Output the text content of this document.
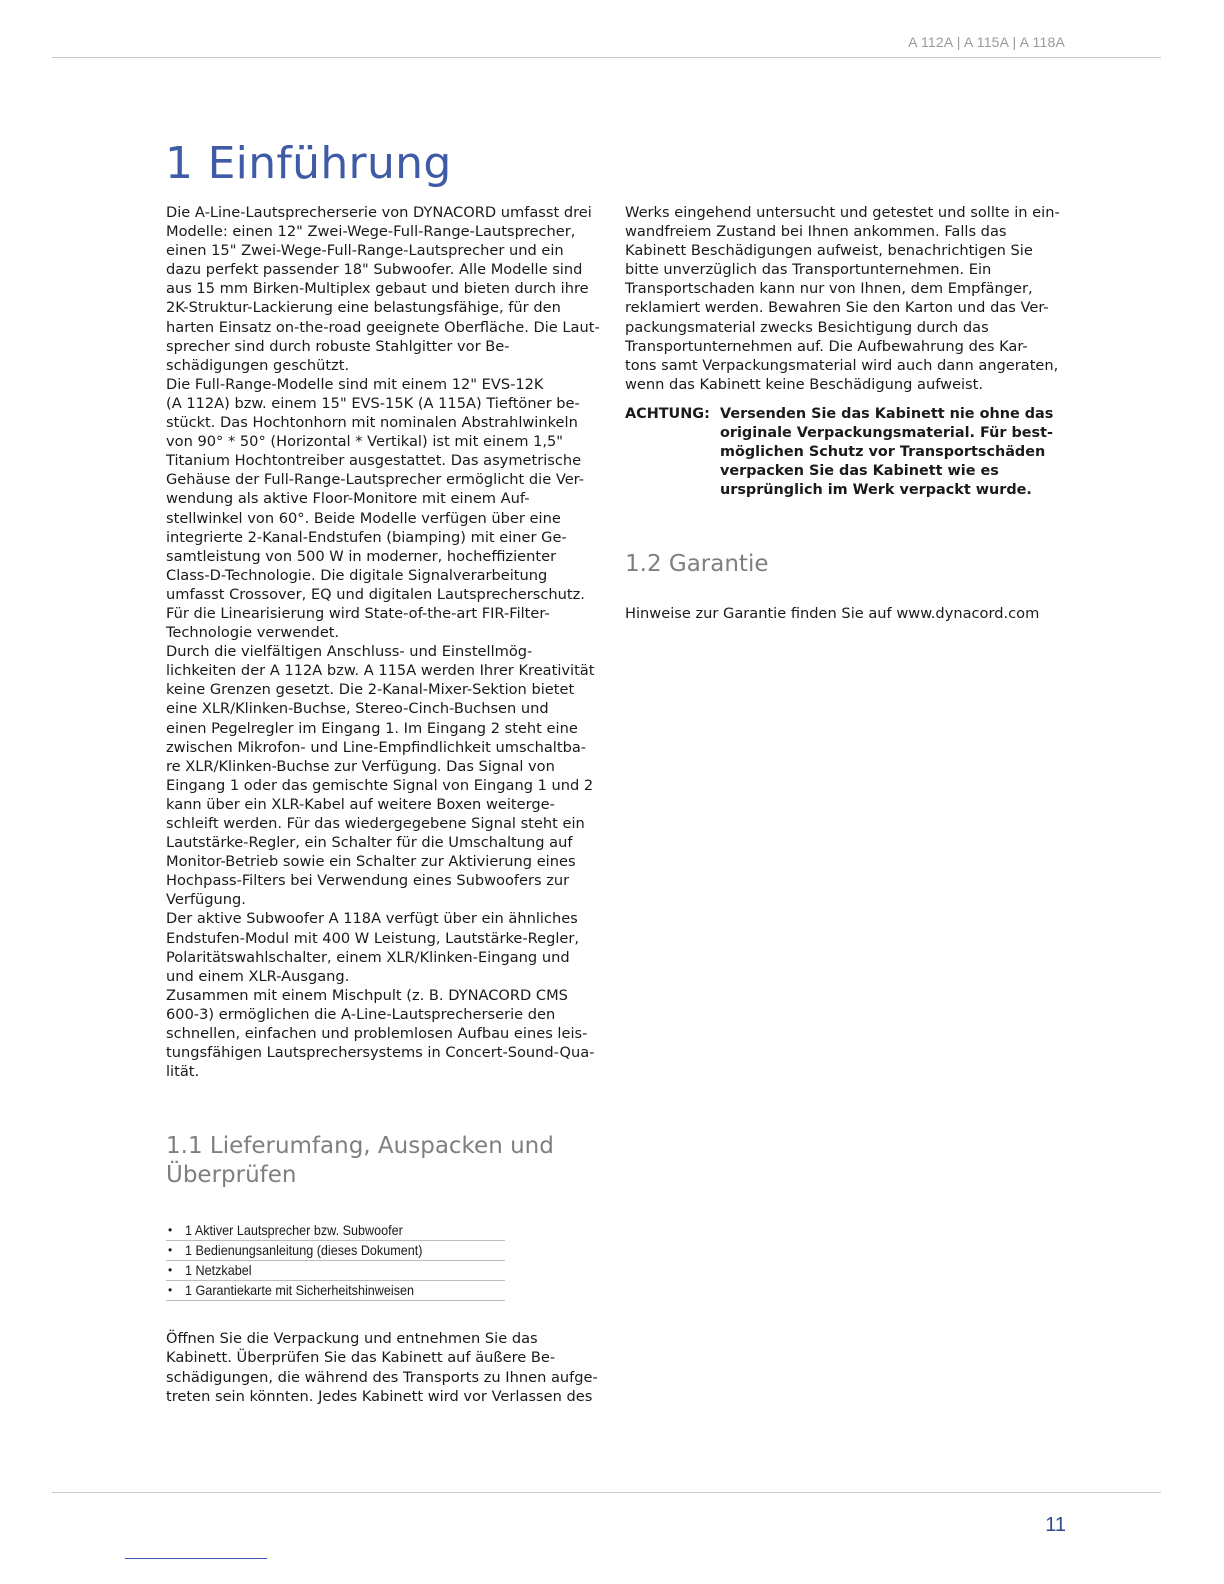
A 112A | A 115A | A 118A
1 Einführung

Die A-Line-Lautsprecherserie von DYNACORD umfasst drei
Modelle: einen 12" Zwei-Wege-Full-Range-Lautsprecher,
einen 15" Zwei-Wege-Full-Range-Lautsprecher und ein
dazu perfekt passender 18" Subwoofer. Alle Modelle sind
aus 15 mm Birken-Multiplex gebaut und bieten durch ihre
2K-Struktur-Lackierung eine belastungsfähige, für den
harten Einsatz on-the-road geeignete Oberfläche. Die Laut-
sprecher sind durch robuste Stahlgitter vor Be-
schädigungen geschützt.

Die Full-Range-Modelle sind mit einem 12" EVS-12K
(A 112A) bzw. einem 15" EVS-15K (A 115A) Tieftöner be-
stückt. Das Hochtonhorn mit nominalen Abstrahlwinkeln
von 90° * 50° (Horizontal * Vertikal) ist mit einem 1,5"
Titanium Hochtontreiber ausgestattet. Das asymetrische
Gehäuse der Full-Range-Lautsprecher ermöglicht die Ver-
wendung als aktive Floor-Monitore mit einem Auf-
stellwinkel von 60°. Beide Modelle verfügen über eine
integrierte 2-Kanal-Endstufen (biamping) mit einer Ge-
samtleistung von 500 W in moderner, hocheffizienter
Class-D-Technologie. Die digitale Signalverarbeitung
umfasst Crossover, EQ und digitalen Lautsprecherschutz.
Für die Linearisierung wird State-of-the-art FIR-Filter-
Technologie verwendet.

Durch die vielfältigen Anschluss- und Einstellmög-
lichkeiten der A 112A bzw. A 115A werden Ihrer Kreativität
keine Grenzen gesetzt. Die 2-Kanal-Mixer-Sektion bietet
eine XLR/Klinken-Buchse, Stereo-Cinch-Buchsen und
einen Pegelregler im Eingang 1. Im Eingang 2 steht eine
zwischen Mikrofon- und Line-Empfindlichkeit umschaltba-
re XLR/Klinken-Buchse zur Verfügung. Das Signal von
Eingang 1 oder das gemischte Signal von Eingang 1 und 2
kann über ein XLR-Kabel auf weitere Boxen weiterge-
schleift werden. Für das wiedergegebene Signal steht ein
Lautstärke-Regler, ein Schalter für die Umschaltung auf
Monitor-Betrieb sowie ein Schalter zur Aktivierung eines
Hochpass-Filters bei Verwendung eines Subwoofers zur
Verfügung.

Der aktive Subwoofer A 118A verfügt über ein ähnliches
Endstufen-Modul mit 400 W Leistung, Lautstärke-Regler,
Polaritätswahlschalter, einem XLR/Klinken-Eingang und
und einem XLR-Ausgang.

Zusammen mit einem Mischpult (z. B. DYNACORD CMS
600-3) ermöglichen die A-Line-Lautsprecherserie den
schnellen, einfachen und problemlosen Aufbau eines leis-
tungsfähigen Lautsprechersystems in Concert-Sound-Qua-
lität.

1.1 Lieferumfang, Auspacken und
Überprüfen
• 1 Aktiver Lautsprecher bzw. Subwoofer
• 1 Bedienungsanleitung (dieses Dokument)
• 1 Netzkabel
• 1 Garantiekarte mit Sicherheitshinweisen

Öffnen Sie die Verpackung und entnehmen Sie das
Kabinett. Überprüfen Sie das Kabinett auf äußere Be-
schädigungen, die während des Transports zu Ihnen aufge-
treten sein könnten. Jedes Kabinett wird vor Verlassen des

Werks eingehend untersucht und getestet und sollte in ein-
wandfreiem Zustand bei Ihnen ankommen. Falls das
Kabinett Beschädigungen aufweist, benachrichtigen Sie
bitte unverzüglich das Transportunternehmen. Ein
Transportschaden kann nur von Ihnen, dem Empfänger,
reklamiert werden. Bewahren Sie den Karton und das Ver-
packungsmaterial zwecks Besichtigung durch das
Transportunternehmen auf. Die Aufbewahrung des Kar-
tons samt Verpackungsmaterial wird auch dann angeraten,
wenn das Kabinett keine Beschädigung aufweist.

ACHTUNG: Versenden Sie das Kabinett nie ohne das
originale Verpackungsmaterial. Für best-
möglichen Schutz vor Transportschäden
verpacken Sie das Kabinett wie es
ursprünglich im Werk verpackt wurde.
1.2 Garantie

Hinweise zur Garantie finden Sie auf www.dynacord.com

11
